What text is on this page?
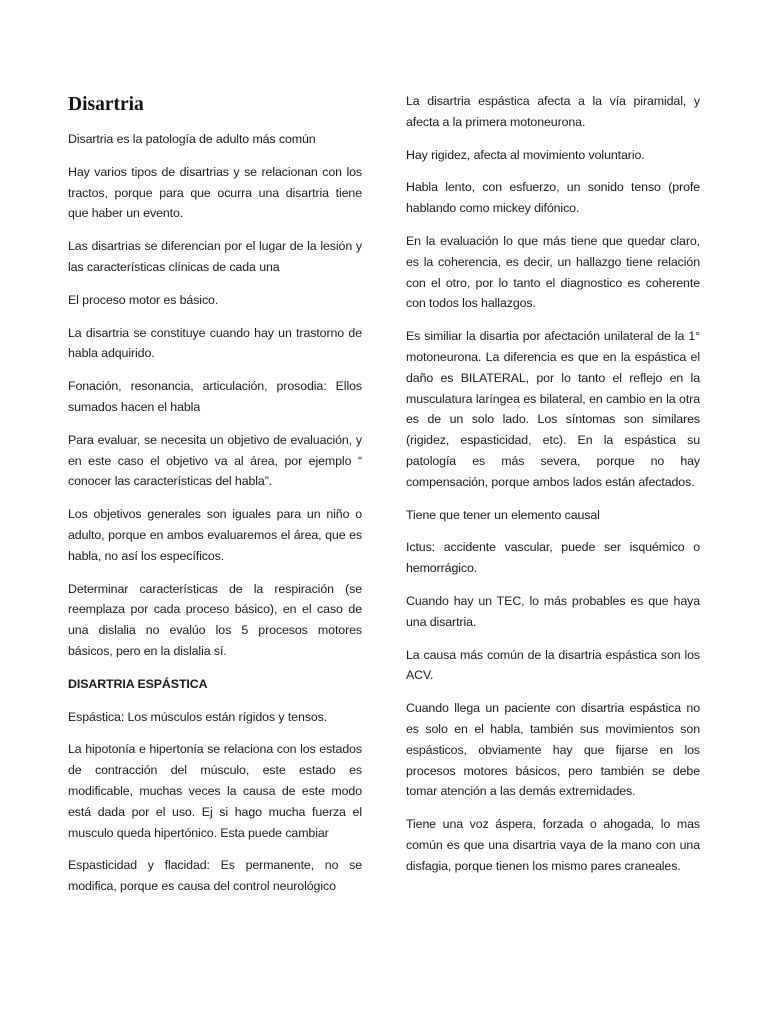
Disartria

Disartria es la patología de adulto más común

Hay varios tipos de disartrias y se relacionan con los tractos, porque para que ocurra una disartria tiene que haber un evento.

Las disartrias se diferencian por el lugar de la lesión y las características clínicas de cada una

El proceso motor es básico.

La disartria se constituye cuando hay un trastorno de habla adquirido.

Fonación, resonancia, articulación, prosodia: Ellos sumados hacen el habla

Para evaluar, se necesita un objetivo de evaluación, y en este caso el objetivo va al área, por ejemplo “ conocer las características del habla”.

Los objetivos generales son iguales para un niño o adulto, porque en ambos evaluaremos el área, que es habla, no así los específicos.

Determinar características de la respiración (se reemplaza por cada proceso básico), en el caso de una dislalia no evalúo los 5 procesos motores básicos, pero en la dislalia sí.

DISARTRIA ESPÁSTICA

Espástica: Los músculos están rígidos y tensos.

La hipotonía e hipertonía se relaciona con los estados de contracción del músculo, este estado es modificable, muchas veces la causa de este modo está dada por el uso. Ej si hago mucha fuerza el musculo queda hipertónico. Esta puede cambiar

Espasticidad y flacidad: Es permanente, no se modifica, porque es causa del control neurológico

La disartria espástica afecta a la vía piramidal, y afecta a la primera motoneurona.

Hay rigidez, afecta al movimiento voluntario.

Habla lento, con esfuerzo, un sonido tenso (profe hablando como mickey difónico.

En la evaluación lo que más tiene que quedar claro, es la coherencia, es decir, un hallazgo tiene relación con el otro, por lo tanto el diagnostico es coherente con todos los hallazgos.

Es similiar la disartia por afectación unilateral de la 1° motoneurona. La diferencia es que en la espástica el daño es BILATERAL, por lo tanto el reflejo en la musculatura laríngea es bilateral, en cambio en la otra es de un solo lado. Los síntomas son similares (rigidez, espasticidad, etc). En la espástica su patología es más severa, porque no hay compensación, porque ambos lados están afectados.

Tiene que tener un elemento causal

Ictus: accidente vascular, puede ser isquémico o hemorrágico.

Cuando hay un TEC, lo más probables es que haya una disartria.

La causa más común de la disartria espástica son los ACV.

Cuando llega un paciente con disartria espástica no es solo en el habla, también sus movimientos son espásticos, obviamente hay que fijarse en los procesos motores básicos, pero también se debe tomar atención a las demás extremidades.

Tiene una voz áspera, forzada o ahogada, lo mas común es que una disartria vaya de la mano con una disfagia, porque tienen los mismo pares craneales.
